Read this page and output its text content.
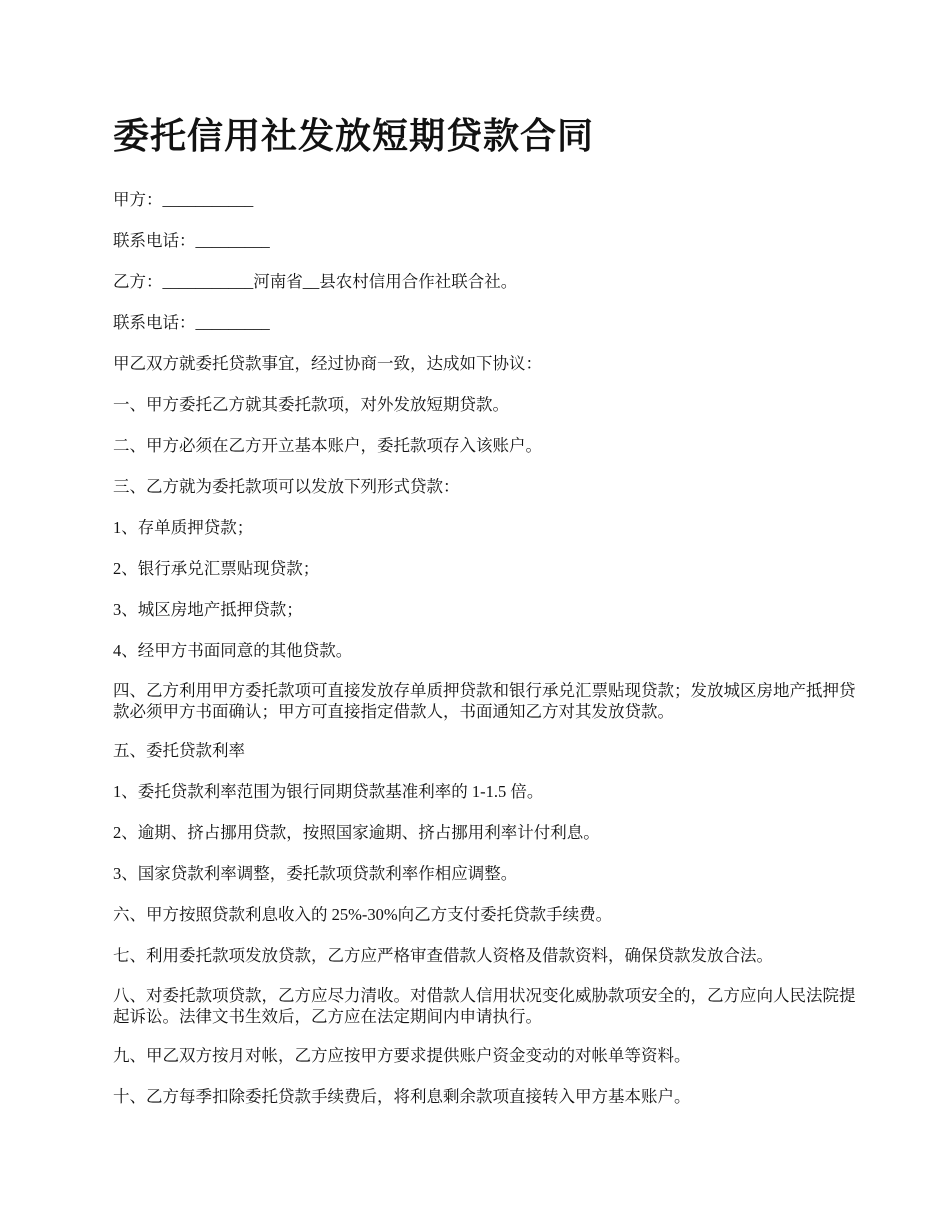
委托信用社发放短期贷款合同

甲方：___________

联系电话：_________

乙方：___________河南省__县农村信用合作社联合社。

联系电话：_________

甲乙双方就委托贷款事宜，经过协商一致，达成如下协议：

一、甲方委托乙方就其委托款项，对外发放短期贷款。

二、甲方必须在乙方开立基本账户，委托款项存入该账户。

三、乙方就为委托款项可以发放下列形式贷款：

1、存单质押贷款；

2、银行承兑汇票贴现贷款；

3、城区房地产抵押贷款；

4、经甲方书面同意的其他贷款。

四、乙方利用甲方委托款项可直接发放存单质押贷款和银行承兑汇票贴现贷款；发放城区房地产抵押贷款必须甲方书面确认；甲方可直接指定借款人，书面通知乙方对其发放贷款。

五、委托贷款利率

1、委托贷款利率范围为银行同期贷款基准利率的 1-1.5 倍。

2、逾期、挤占挪用贷款，按照国家逾期、挤占挪用利率计付利息。

3、国家贷款利率调整，委托款项贷款利率作相应调整。

六、甲方按照贷款利息收入的 25%-30%向乙方支付委托贷款手续费。

七、利用委托款项发放贷款，乙方应严格审查借款人资格及借款资料，确保贷款发放合法。

八、对委托款项贷款，乙方应尽力清收。对借款人信用状况变化威胁款项安全的，乙方应向人民法院提起诉讼。法律文书生效后，乙方应在法定期间内申请执行。

九、甲乙双方按月对帐，乙方应按甲方要求提供账户资金变动的对帐单等资料。

十、乙方每季扣除委托贷款手续费后，将利息剩余款项直接转入甲方基本账户。
